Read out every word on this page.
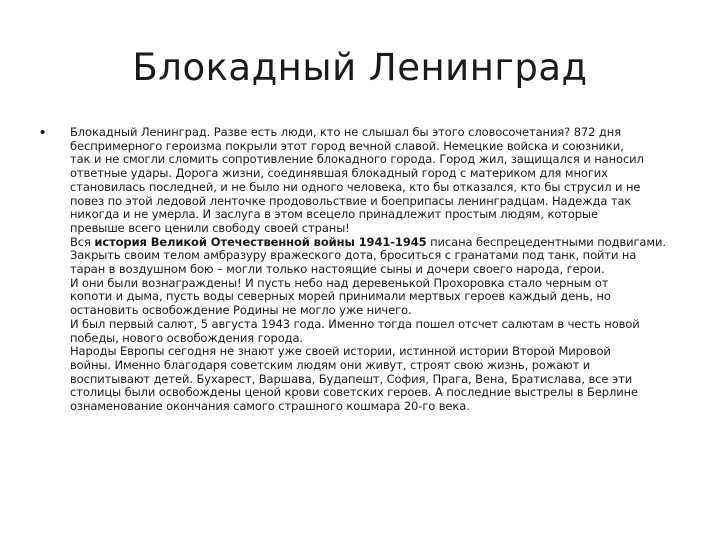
Блокадный Ленинград
• Блокадный Ленинград. Разве есть люди, кто не слышал бы этого словосочетания? 872 дня
беспримерного героизма покрыли этот город вечной славой. Немецкие войска и союзники,
так и не смогли сломить сопротивление блокадного города. Город жил, защищался и наносил
ответные удары. Дорога жизни, соединявшая блокадный город с материком для многих
становилась последней, и не было ни одного человека, кто бы отказался, кто бы струсил и не
повез по этой ледовой ленточке продовольствие и боеприпасы ленинградцам. Надежда так
никогда и не умерла. И заслуга в этом всецело принадлежит простым людям, которые
превыше всего ценили свободу своей страны!
Вся история Великой Отечественной войны 1941-1945 писана беспрецедентными подвигами.
Закрыть своим телом амбразуру вражеского дота, броситься с гранатами под танк, пойти на
таран в воздушном бою – могли только настоящие сыны и дочери своего народа, герои.
И они были вознаграждены! И пусть небо над деревенькой Прохоровка стало черным от
копоти и дыма, пусть воды северных морей принимали мертвых героев каждый день, но
остановить освобождение Родины не могло уже ничего.
И был первый салют, 5 августа 1943 года. Именно тогда пошел отсчет салютам в честь новой
победы, нового освобождения города.
Народы Европы сегодня не знают уже своей истории, истинной истории Второй Мировой
войны. Именно благодаря советским людям они живут, строят свою жизнь, рожают и
воспитывают детей. Бухарест, Варшава, Будапешт, София, Прага, Вена, Братислава, все эти
столицы были освобождены ценой крови советских героев. А последние выстрелы в Берлине
ознаменование окончания самого страшного кошмара 20-го века.
